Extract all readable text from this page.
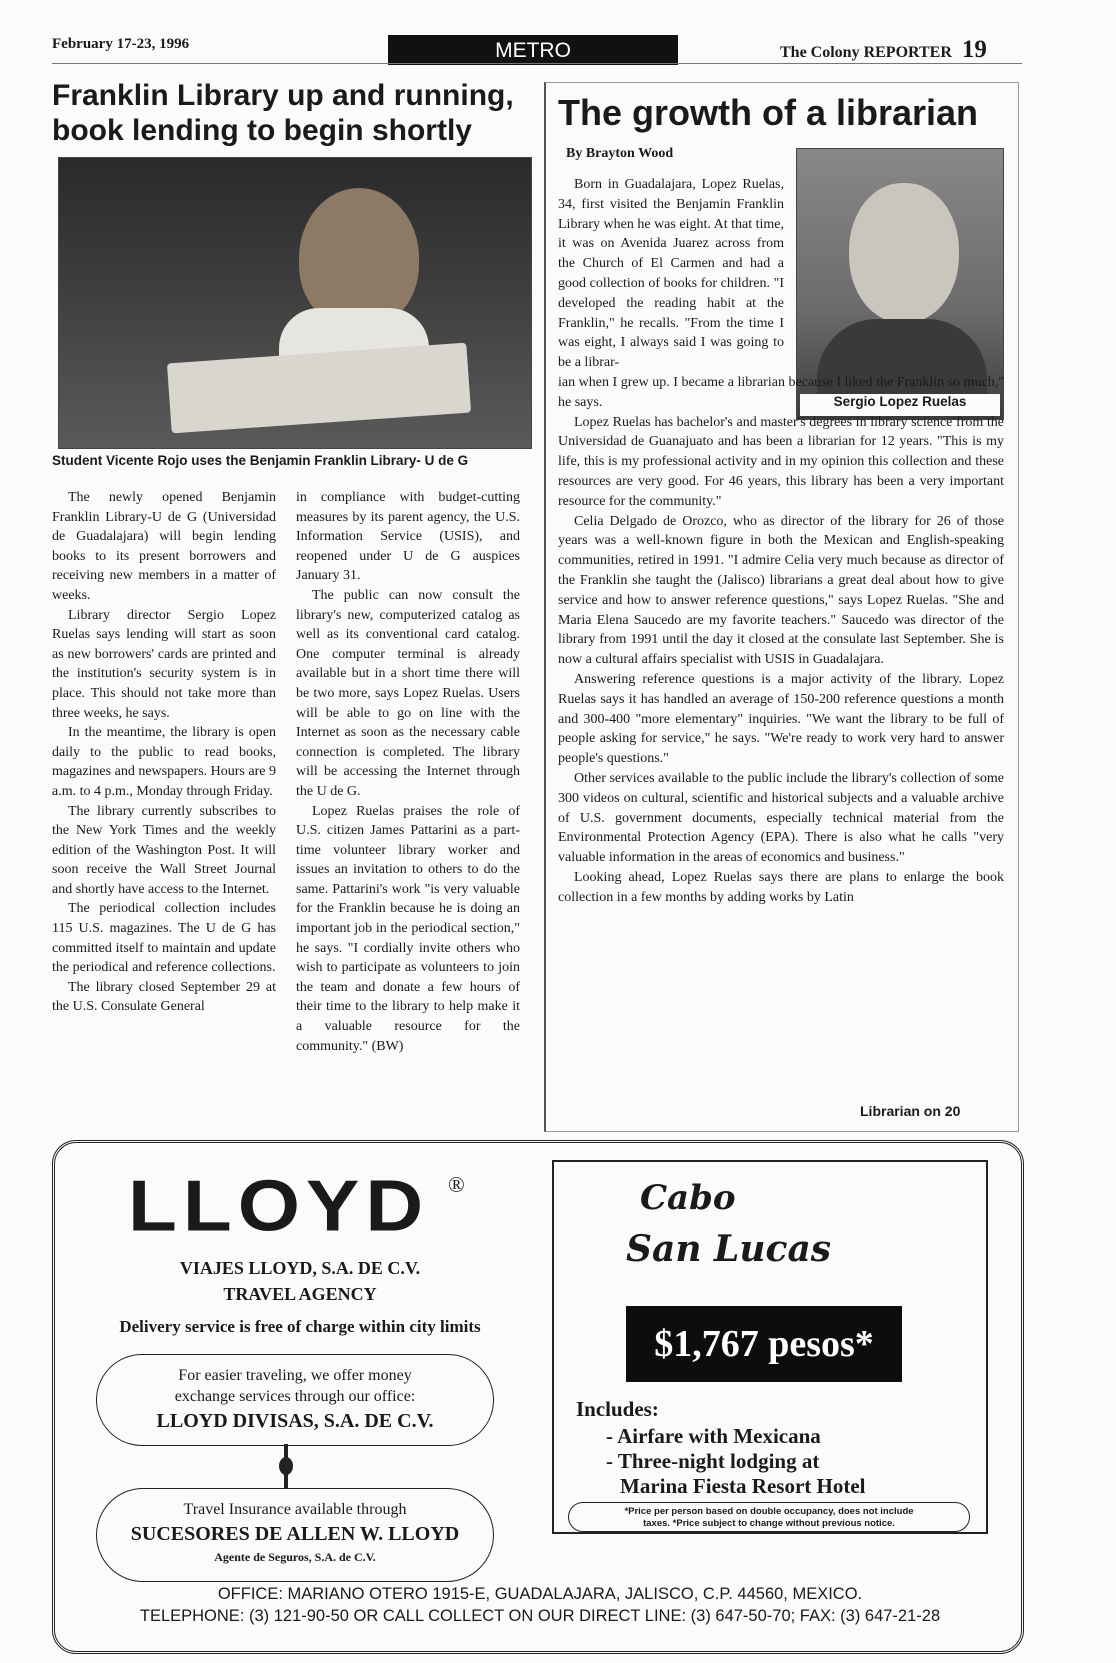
February 17-23, 1996	METRO	The Colony REPORTER 19
Franklin Library up and running,
book lending to begin shortly
Student Vicente Rojo uses the Benjamin Franklin Library- U de G

The newly opened Benjamin Franklin Library-U de G (Universidad de Guadalajara) will begin lending books to its present borrowers and receiving new members in a matter of weeks.

Library director Sergio Lopez Ruelas says lending will start as soon as new borrowers' cards are printed and the institution's security system is in place. This should not take more than three weeks, he says.

In the meantime, the library is open daily to the public to read books, magazines and newspapers. Hours are 9 a.m. to 4 p.m., Monday through Friday.

The library currently subscribes to the New York Times and the weekly edition of the Washington Post. It will soon receive the Wall Street Journal and shortly have access to the Internet.

The periodical collection includes 115 U.S. magazines. The U de G has committed itself to maintain and update the periodical and reference collections.

The library closed September 29 at the U.S. Consulate General

in compliance with budget-cutting measures by its parent agency, the U.S. Information Service (USIS), and reopened under U de G auspices January 31.

The public can now consult the library's new, computerized catalog as well as its conventional card catalog. One computer terminal is already available but in a short time there will be two more, says Lopez Ruelas. Users will be able to go on line with the Internet as soon as the necessary cable connection is completed. The library will be accessing the Internet through the U de G.

Lopez Ruelas praises the role of U.S. citizen James Pattarini as a part-time volunteer library worker and issues an invitation to others to do the same. Pattarini's work "is very valuable for the Franklin because he is doing an important job in the periodical section," he says. "I cordially invite others who wish to participate as volunteers to join the team and donate a few hours of their time to the library to help make it a valuable resource for the community." (BW)

The growth of a librarian
By Brayton Wood
Sergio Lopez Ruelas

Born in Guadalajara, Lopez Ruelas, 34, first visited the Benjamin Franklin Library when he was eight. At that time, it was on Avenida Juarez across from the Church of El Carmen and had a good collection of books for children. "I developed the reading habit at the Franklin," he recalls. "From the time I was eight, I always said I was going to be a librar-

ian when I grew up. I became a librarian because I liked the Franklin so much," he says.

Lopez Ruelas has bachelor's and master's degrees in library science from the Universidad de Guanajuato and has been a librarian for 12 years. "This is my life, this is my professional activity and in my opinion this collection and these resources are very good. For 46 years, this library has been a very important resource for the community."

Celia Delgado de Orozco, who as director of the library for 26 of those years was a well-known figure in both the Mexican and English-speaking communities, retired in 1991. "I admire Celia very much because as director of the Franklin she taught the (Jalisco) librarians a great deal about how to give service and how to answer reference questions," says Lopez Ruelas. "She and Maria Elena Saucedo are my favorite teachers." Saucedo was director of the library from 1991 until the day it closed at the consulate last September. She is now a cultural affairs specialist with USIS in Guadalajara.

Answering reference questions is a major activity of the library. Lopez Ruelas says it has handled an average of 150-200 reference questions a month and 300-400 "more elementary" inquiries. "We want the library to be full of people asking for service," he says. "We're ready to work very hard to answer people's questions."

Other services available to the public include the library's collection of some 300 videos on cultural, scientific and historical subjects and a valuable archive of U.S. government documents, especially technical material from the Environmental Protection Agency (EPA). There is also what he calls "very valuable information in the areas of economics and business."

Looking ahead, Lopez Ruelas says there are plans to enlarge the book collection in a few months by adding works by Latin

Librarian on 20
LLOYD ®
VIAJES LLOYD, S.A. DE C.V.
TRAVEL AGENCY
Delivery service is free of charge within city limits
For easier traveling, we offer money
exchange services through our office:
LLOYD DIVISAS, S.A. DE C.V.
Travel Insurance available through
SUCESORES DE ALLEN W. LLOYD
Agente de Seguros, S.A. de C.V.
Cabo
San Lucas
$1,767 pesos*
Includes:
- Airfare with Mexicana
- Three-night lodging at
Marina Fiesta Resort Hotel
*Price per person based on double occupancy, does not include
taxes. *Price subject to change without previous notice.
OFFICE: MARIANO OTERO 1915-E, GUADALAJARA, JALISCO, C.P. 44560, MEXICO.
TELEPHONE: (3) 121-90-50 OR CALL COLLECT ON OUR DIRECT LINE: (3) 647-50-70; FAX: (3) 647-21-28
